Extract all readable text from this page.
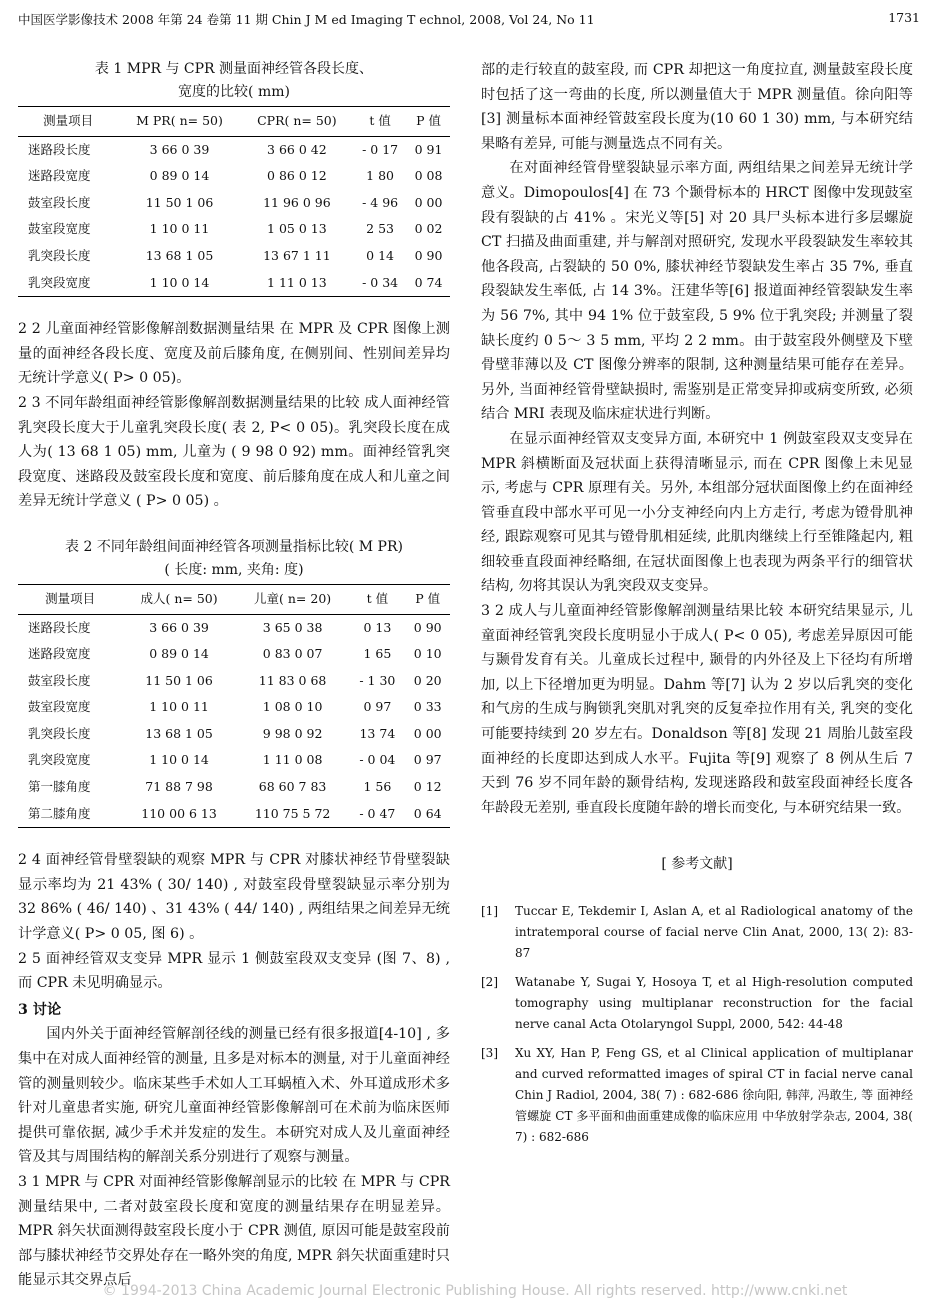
中国医学影像技术 2008 年第 24 卷第 11 期 Chin J M ed Imaging T echnol, 2008, Vol 24, No 11	1731

表 1 MPR 与 CPR 测量面神经管各段长度、

宽度的比较( mm)

测量项目	M PR( n= 50)	CPR( n= 50)	t 值	P 值
迷路段长度	3 66 0 39	3 66 0 42	- 0 17	0 91
迷路段宽度	0 89 0 14	0 86 0 12	1 80	0 08
鼓室段长度	11 50 1 06	11 96 0 96	- 4 96	0 00
鼓室段宽度	1 10 0 11	1 05 0 13	2 53	0 02
乳突段长度	13 68 1 05	13 67 1 11	0 14	0 90
乳突段宽度	1 10 0 14	1 11 0 13	- 0 34	0 74

2 2 儿童面神经管影像解剖数据测量结果 在 MPR 及 CPR 图像上测量的面神经各段长度、宽度及前后膝角度, 在侧别间、性别间差异均无统计学意义( P> 0 05)。

2 3 不同年龄组面神经管影像解剖数据测量结果的比较 成人面神经管乳突段长度大于儿童乳突段长度( 表 2, P< 0 05)。乳突段长度在成人为( 13 68 1 05) mm, 儿童为 ( 9 98 0 92) mm。面神经管乳突段宽度、迷路段及鼓室段长度和宽度、前后膝角度在成人和儿童之间差异无统计学意义 ( P> 0 05) 。

表 2 不同年龄组间面神经管各项测量指标比较( M PR)

( 长度: mm, 夹角: 度)

测量项目	成人( n= 50)	儿童( n= 20)	t 值	P 值
迷路段长度	3 66 0 39	3 65 0 38	0 13	0 90
迷路段宽度	0 89 0 14	0 83 0 07	1 65	0 10
鼓室段长度	11 50 1 06	11 83 0 68	- 1 30	0 20
鼓室段宽度	1 10 0 11	1 08 0 10	0 97	0 33
乳突段长度	13 68 1 05	9 98 0 92	13 74	0 00
乳突段宽度	1 10 0 14	1 11 0 08	- 0 04	0 97
第一膝角度	71 88 7 98	68 60 7 83	1 56	0 12
第二膝角度	110 00 6 13	110 75 5 72	- 0 47	0 64

2 4 面神经管骨壁裂缺的观察 MPR 与 CPR 对膝状神经节骨壁裂缺显示率均为 21 43% ( 30/ 140) , 对鼓室段骨壁裂缺显示率分别为 32 86% ( 46/ 140) 、31 43% ( 44/ 140) , 两组结果之间差异无统计学意义( P> 0 05, 图 6) 。

2 5 面神经管双支变异 MPR 显示 1 侧鼓室段双支变异 (图 7、8) , 而 CPR 未见明确显示。

3 讨论

国内外关于面神经管解剖径线的测量已经有很多报道[4-10] , 多集中在对成人面神经管的测量, 且多是对标本的测量, 对于儿童面神经管的测量则较少。临床某些手术如人工耳蜗植入术、外耳道成形术多针对儿童患者实施, 研究儿童面神经管影像解剖可在术前为临床医师提供可靠依据, 减少手术并发症的发生。本研究对成人及儿童面神经管及其与周围结构的解剖关系分别进行了观察与测量。

3 1 MPR 与 CPR 对面神经管影像解剖显示的比较 在 MPR 与 CPR 测量结果中, 二者对鼓室段长度和宽度的测量结果存在明显差异。MPR 斜矢状面测得鼓室段长度小于 CPR 测值, 原因可能是鼓室段前部与膝状神经节交界处存在一略外突的角度, MPR 斜矢状面重建时只能显示其交界点后

部的走行较直的鼓室段, 而 CPR 却把这一角度拉直, 测量鼓室段长度时包括了这一弯曲的长度, 所以测量值大于 MPR 测量值。徐向阳等[3] 测量标本面神经管鼓室段长度为(10 60 1 30) mm, 与本研究结果略有差异, 可能与测量选点不同有关。

在对面神经管骨壁裂缺显示率方面, 两组结果之间差异无统计学意义。Dimopoulos[4] 在 73 个颞骨标本的 HRCT 图像中发现鼓室段有裂缺的占 41% 。宋光义等[5] 对 20 具尸头标本进行多层螺旋 CT 扫描及曲面重建, 并与解剖对照研究, 发现水平段裂缺发生率较其他各段高, 占裂缺的 50 0%, 膝状神经节裂缺发生率占 35 7%, 垂直段裂缺发生率低, 占 14 3%。汪建华等[6] 报道面神经管裂缺发生率为 56 7%, 其中 94 1% 位于鼓室段, 5 9% 位于乳突段; 并测量了裂缺长度约 0 5～ 3 5 mm, 平均 2 2 mm。由于鼓室段外侧壁及下壁骨壁菲薄以及 CT 图像分辨率的限制, 这种测量结果可能存在差异。另外, 当面神经管骨壁缺损时, 需鉴别是正常变异抑或病变所致, 必须结合 MRI 表现及临床症状进行判断。

在显示面神经管双支变异方面, 本研究中 1 例鼓室段双支变异在 MPR 斜横断面及冠状面上获得清晰显示, 而在 CPR 图像上未见显示, 考虑与 CPR 原理有关。另外, 本组部分冠状面图像上约在面神经管垂直段中部水平可见一小分支神经向内上方走行, 考虑为镫骨肌神经, 跟踪观察可见其与镫骨肌相延续, 此肌肉继续上行至锥隆起内, 粗细较垂直段面神经略细, 在冠状面图像上也表现为两条平行的细管状结构, 勿将其误认为乳突段双支变异。

3 2 成人与儿童面神经管影像解剖测量结果比较 本研究结果显示, 儿童面神经管乳突段长度明显小于成人( P< 0 05), 考虑差异原因可能与颞骨发育有关。儿童成长过程中, 颞骨的内外径及上下径均有所增加, 以上下径增加更为明显。Dahm 等[7] 认为 2 岁以后乳突的变化和气房的生成与胸锁乳突肌对乳突的反复牵拉作用有关, 乳突的变化可能要持续到 20 岁左右。Donaldson 等[8] 发现 21 周胎儿鼓室段面神经的长度即达到成人水平。Fujita 等[9] 观察了 8 例从生后 7 天到 76 岁不同年龄的颞骨结构, 发现迷路段和鼓室段面神经长度各年龄段无差别, 垂直段长度随年龄的增长而变化, 与本研究结果一致。

[ 参考文献]

[1]	Tuccar E, Tekdemir I, Aslan A, et al Radiological anatomy of the intratemporal course of facial nerve Clin Anat, 2000, 13( 2): 83-87
[2]	Watanabe Y, Sugai Y, Hosoya T, et al High-resolution computed tomography using multiplanar reconstruction for the facial nerve canal Acta Otolaryngol Suppl, 2000, 542: 44-48
[3]	Xu XY, Han P, Feng GS, et al Clinical application of multiplanar and curved reformatted images of spiral CT in facial nerve canal Chin J Radiol, 2004, 38( 7) : 682-686 徐向阳, 韩萍, 冯敢生, 等 面神经管螺旋 CT 多平面和曲面重建成像的临床应用 中华放射学杂志, 2004, 38( 7) : 682-686
© 1994-2013 China Academic Journal Electronic Publishing House. All rights reserved. http://www.cnki.net
